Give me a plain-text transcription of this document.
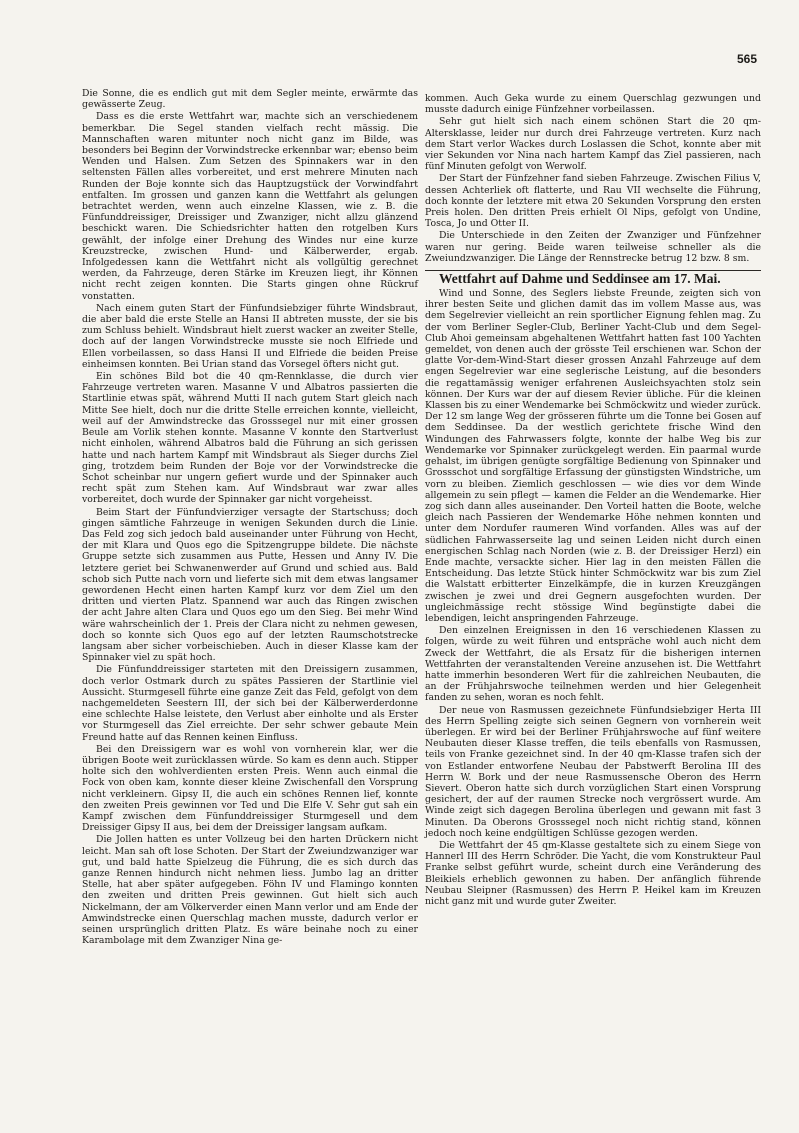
565

Die Sonne, die es endlich gut mit dem Segler meinte, erwärmte das gewässerte Zeug.

Dass es die erste Wettfahrt war, machte sich an verschiedenem bemerkbar. Die Segel standen vielfach recht mässig. Die Mannschaften waren mitunter noch nicht ganz im Bilde, was besonders bei Beginn der Vorwindstrecke erkennbar war; ebenso beim Wenden und Halsen. Zum Setzen des Spinnakers war in den seltensten Fällen alles vorbereitet, und erst mehrere Minuten nach Runden der Boje konnte sich das Hauptzugstück der Vorwindfahrt entfalten. Im grossen und ganzen kann die Wettfahrt als gelungen betrachtet werden, wenn auch einzelne Klassen, wie z. B. die Fünfunddreissiger, Dreissiger und Zwanziger, nicht allzu glänzend beschickt waren. Die Schiedsrichter hatten den rotgelben Kurs gewählt, der infolge einer Drehung des Windes nur eine kurze Kreuzstrecke, zwischen Hund- und Kälberwerder, ergab. Infolgedessen kann die Wettfahrt nicht als vollgültig gerechnet werden, da Fahrzeuge, deren Stärke im Kreuzen liegt, ihr Können nicht recht zeigen konnten. Die Starts gingen ohne Rückruf vonstatten.

Nach einem guten Start der Fünfundsiebziger führte Windsbraut, die aber bald die erste Stelle an Hansi II abtreten musste, der sie bis zum Schluss behielt. Windsbraut hielt zuerst wacker an zweiter Stelle, doch auf der langen Vorwindstrecke musste sie noch Elfriede und Ellen vorbeilassen, so dass Hansi II und Elfriede die beiden Preise einheimsen konnten. Bei Urian stand das Vorsegel öfters nicht gut.

Ein schönes Bild bot die 40 qm-Rennklasse, die durch vier Fahrzeuge vertreten waren. Masanne V und Albatros passierten die Startlinie etwas spät, während Mutti II nach gutem Start gleich nach Mitte See hielt, doch nur die dritte Stelle erreichen konnte, vielleicht, weil auf der Amwindstrecke das Grosssegel nur mit einer grossen Beule am Vorlik stehen konnte. Masanne V konnte den Startverlust nicht einholen, während Albatros bald die Führung an sich gerissen hatte und nach hartem Kampf mit Windsbraut als Sieger durchs Ziel ging, trotzdem beim Runden der Boje vor der Vorwindstrecke die Schot scheinbar nur ungern gefiert wurde und der Spinnaker auch recht spät zum Stehen kam. Auf Windsbraut war zwar alles vorbereitet, doch wurde der Spinnaker gar nicht vorgeheisst.

Beim Start der Fünfundvierziger versagte der Startschuss; doch gingen sämtliche Fahrzeuge in wenigen Sekunden durch die Linie. Das Feld zog sich jedoch bald auseinander unter Führung von Hecht, der mit Klara und Quos ego die Spitzengruppe bildete. Die nächste Gruppe setzte sich zusammen aus Putte, Hessen und Anny IV. Die letztere geriet bei Schwanenwerder auf Grund und schied aus. Bald schob sich Putte nach vorn und lieferte sich mit dem etwas langsamer gewordenen Hecht einen harten Kampf kurz vor dem Ziel um den dritten und vierten Platz. Spannend war auch das Ringen zwischen der acht Jahre alten Clara und Quos ego um den Sieg. Bei mehr Wind wäre wahrscheinlich der 1. Preis der Clara nicht zu nehmen gewesen, doch so konnte sich Quos ego auf der letzten Raumschotstrecke langsam aber sicher vorbeischieben. Auch in dieser Klasse kam der Spinnaker viel zu spät hoch.

Die Fünfunddreissiger starteten mit den Dreissigern zusammen, doch verlor Ostmark durch zu spätes Passieren der Startlinie viel Aussicht. Sturmgesell führte eine ganze Zeit das Feld, gefolgt von dem nachgemeldeten Seestern III, der sich bei der Kälberwerderdonne eine schlechte Halse leistete, den Verlust aber einholte und als Erster vor Sturmgesell das Ziel erreichte. Der sehr schwer gebaute Mein Freund hatte auf das Rennen keinen Einfluss.

Bei den Dreissigern war es wohl von vornherein klar, wer die übrigen Boote weit zurücklassen würde. So kam es denn auch. Stipper holte sich den wohlverdienten ersten Preis. Wenn auch einmal die Fock von oben kam, konnte dieser kleine Zwischenfall den Vorsprung nicht verkleinern. Gipsy II, die auch ein schönes Rennen lief, konnte den zweiten Preis gewinnen vor Ted und Die Elfe V. Sehr gut sah ein Kampf zwischen dem Fünfunddreissiger Sturmgesell und dem Dreissiger Gipsy II aus, bei dem der Dreissiger langsam aufkam.

Die Jollen hatten es unter Vollzeug bei den harten Drückern nicht leicht. Man sah oft lose Schoten. Der Start der Zweiundzwanziger war gut, und bald hatte Spielzeug die Führung, die es sich durch das ganze Rennen hindurch nicht nehmen liess. Jumbo lag an dritter Stelle, hat aber später aufgegeben. Föhn IV und Flamingo konnten den zweiten und dritten Preis gewinnen. Gut hielt sich auch Nickelmann, der am Völkerverder einen Mann verlor und am Ende der Amwindstrecke einen Querschlag machen musste, dadurch verlor er seinen ursprünglich dritten Platz. Es wäre beinahe noch zu einer Karambolage mit dem Zwanziger Nina ge-

kommen. Auch Geka wurde zu einem Querschlag gezwungen und musste dadurch einige Fünfzehner vorbeilassen.

Sehr gut hielt sich nach einem schönen Start die 20 qm-Altersklasse, leider nur durch drei Fahrzeuge vertreten. Kurz nach dem Start verlor Wackes durch Loslassen die Schot, konnte aber mit vier Sekunden vor Nina nach hartem Kampf das Ziel passieren, nach fünf Minuten gefolgt von Werwolf.

Der Start der Fünfzehner fand sieben Fahrzeuge. Zwischen Filius V, dessen Achterliek oft flatterte, und Rau VII wechselte die Führung, doch konnte der letztere mit etwa 20 Sekunden Vorsprung den ersten Preis holen. Den dritten Preis erhielt Ol Nips, gefolgt von Undine, Tosca, Jo und Otter II.

Die Unterschiede in den Zeiten der Zwanziger und Fünfzehner waren nur gering. Beide waren teilweise schneller als die Zweiundzwanziger. Die Länge der Rennstrecke betrug 12 bzw. 8 sm.

Wettfahrt auf Dahme und Seddinsee am 17. Mai.

Wind und Sonne, des Seglers liebste Freunde, zeigten sich von ihrer besten Seite und glichen damit das im vollem Masse aus, was dem Segelrevier vielleicht an rein sportlicher Eignung fehlen mag. Zu der vom Berliner Segler-Club, Berliner Yacht-Club und dem Segel-Club Ahoi gemeinsam abgehaltenen Wettfahrt hatten fast 100 Yachten gemeldet, von denen auch der grösste Teil erschienen war. Schon der glatte Vor-dem-Wind-Start dieser grossen Anzahl Fahrzeuge auf dem engen Segelrevier war eine seglerische Leistung, auf die besonders die regattamässig weniger erfahrenen Ausleichsyachten stolz sein können. Der Kurs war der auf diesem Revier übliche. Für die kleinen Klassen bis zu einer Wendemarke bei Schmöckwitz und wieder zurück. Der 12 sm lange Weg der grösseren führte um die Tonne bei Gosen auf dem Seddinsee. Da der westlich gerichtete frische Wind den Windungen des Fahrwassers folgte, konnte der halbe Weg bis zur Wendemarke vor Spinnaker zurückgelegt werden. Ein paarmal wurde gehalst, im übrigen genügte sorgfältige Bedienung von Spinnaker und Grossschot und sorgfältige Erfassung der günstigsten Windstriche, um vorn zu bleiben. Ziemlich geschlossen — wie dies vor dem Winde allgemein zu sein pflegt — kamen die Felder an die Wendemarke. Hier zog sich dann alles auseinander. Den Vorteil hatten die Boote, welche gleich nach Passieren der Wendemarke Höhe nehmen konnten und unter dem Nordufer raumeren Wind vorfanden. Alles was auf der südlichen Fahrwasserseite lag und seinen Leiden nicht durch einen energischen Schlag nach Norden (wie z. B. der Dreissiger Herzl) ein Ende machte, versackte sicher. Hier lag in den meisten Fällen die Entscheidung. Das letzte Stück hinter Schmöckwitz war bis zum Ziel die Walstatt erbitterter Einzelkämpfe, die in kurzen Kreuzgängen zwischen je zwei und drei Gegnern ausgefochten wurden. Der ungleichmässige recht stössige Wind begünstigte dabei die lebendigen, leicht anspringenden Fahrzeuge.

Den einzelnen Ereignissen in den 16 verschiedenen Klassen zu folgen, würde zu weit führen und entspräche wohl auch nicht dem Zweck der Wettfahrt, die als Ersatz für die bisherigen internen Wettfahrten der veranstaltenden Vereine anzusehen ist. Die Wettfahrt hatte immerhin besonderen Wert für die zahlreichen Neubauten, die an der Frühjahrswoche teilnehmen werden und hier Gelegenheit fanden zu sehen, woran es noch fehlt.

Der neue von Rasmussen gezeichnete Fünfundsiebziger Herta III des Herrn Spelling zeigte sich seinen Gegnern von vornherein weit überlegen. Er wird bei der Berliner Frühjahrswoche auf fünf weitere Neubauten dieser Klasse treffen, die teils ebenfalls von Rasmussen, teils von Franke gezeichnet sind. In der 40 qm-Klasse trafen sich der von Estlander entworfene Neubau der Pabstwerft Berolina III des Herrn W. Bork und der neue Rasmussensche Oberon des Herrn Sievert. Oberon hatte sich durch vorzüglichen Start einen Vorsprung gesichert, der auf der raumen Strecke noch vergrössert wurde. Am Winde zeigt sich dagegen Berolina überlegen und gewann mit fast 3 Minuten. Da Oberons Grosssegel noch nicht richtig stand, können jedoch noch keine endgültigen Schlüsse gezogen werden.

Die Wettfahrt der 45 qm-Klasse gestaltete sich zu einem Siege von Hannerl III des Herrn Schröder. Die Yacht, die vom Konstrukteur Paul Franke selbst geführt wurde, scheint durch eine Veränderung des Bleikiels erheblich gewonnen zu haben. Der anfänglich führende Neubau Sleipner (Rasmussen) des Herrn P. Heikel kam im Kreuzen nicht ganz mit und wurde guter Zweiter.
